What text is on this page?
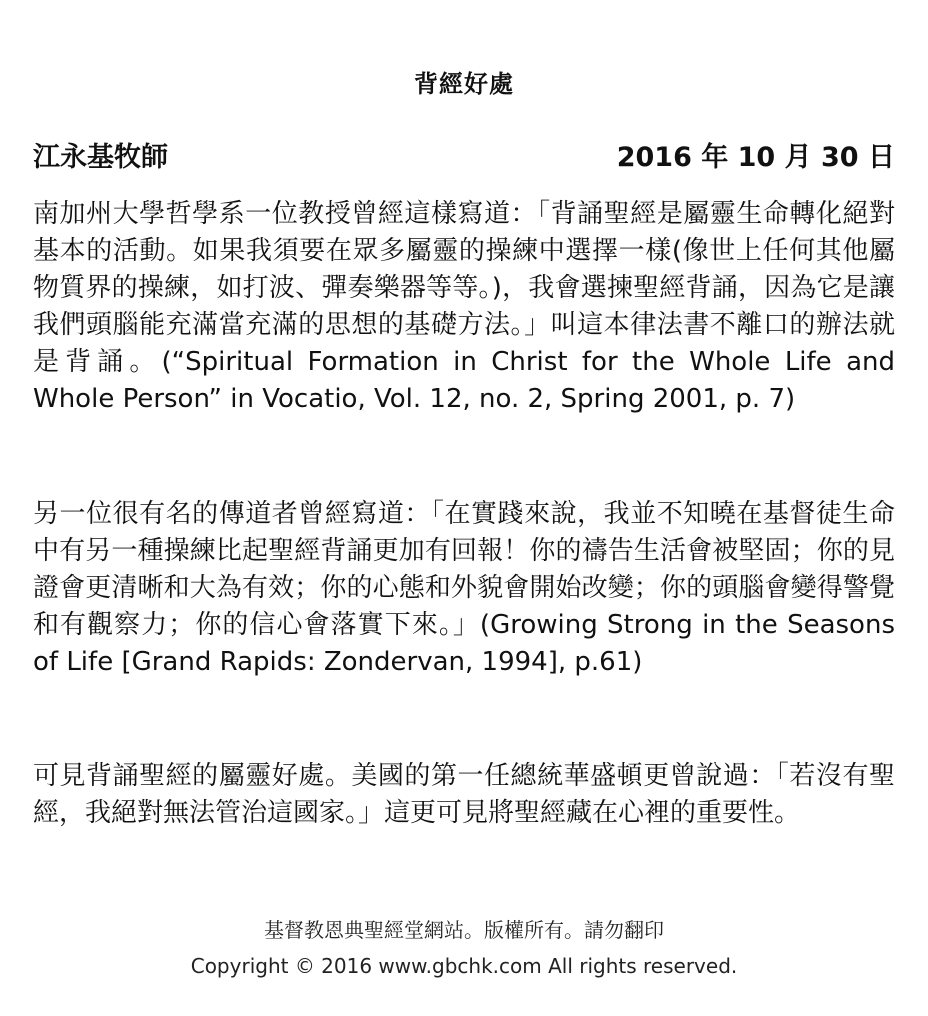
背經好處
江永基牧師	2016 年 10 月 30 日

南加州大學哲學系一位教授曾經這樣寫道：「背誦聖經是屬靈生命轉化絕對基本的活動。如果我須要在眾多屬靈的操練中選擇一樣(像世上任何其他屬物質界的操練，如打波、彈奏樂器等等。)，我會選揀聖經背誦，因為它是讓我們頭腦能充滿當充滿的思想的基礎方法。」叫這本律法書不離口的辦法就是背誦。(“Spiritual Formation in Christ for the Whole Life and Whole Person” in Vocatio, Vol. 12, no. 2, Spring 2001, p. 7)

另一位很有名的傳道者曾經寫道：「在實踐來說，我並不知曉在基督徒生命中有另一種操練比起聖經背誦更加有回報！你的禱告生活會被堅固；你的見證會更清晰和大為有效；你的心態和外貌會開始改變；你的頭腦會變得警覺和有觀察力；你的信心會落實下來。」(Growing Strong in the Seasons of Life [Grand Rapids: Zondervan, 1994], p.61)

可見背誦聖經的屬靈好處。美國的第一任總統華盛頓更曾說過：「若沒有聖經，我絕對無法管治這國家。」這更可見將聖經藏在心裡的重要性。

基督教恩典聖經堂網站。版權所有。請勿翻印
Copyright © 2016 www.gbchk.com All rights reserved.
